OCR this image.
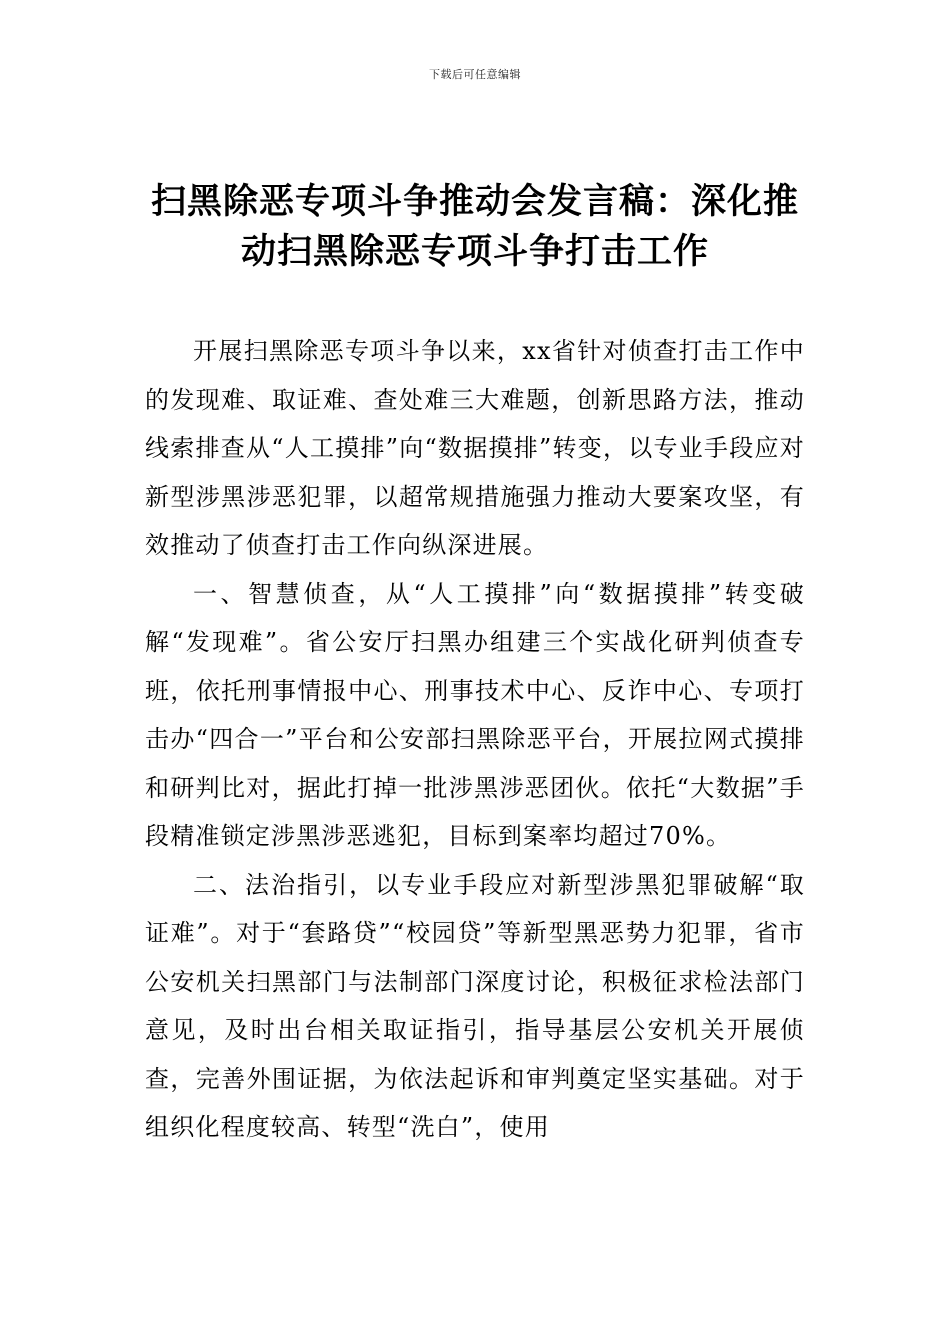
下载后可任意编辑
扫黑除恶专项斗争推动会发言稿：深化推
动扫黑除恶专项斗争打击工作

开展扫黑除恶专项斗争以来，xx省针对侦查打击工作中的发现难、取证难、查处难三大难题，创新思路方法，推动线索排查从“人工摸排”向“数据摸排”转变，以专业手段应对新型涉黑涉恶犯罪，以超常规措施强力推动大要案攻坚，有效推动了侦查打击工作向纵深进展。

一、智慧侦查，从“人工摸排”向“数据摸排”转变破解“发现难”。省公安厅扫黑办组建三个实战化研判侦查专班，依托刑事情报中心、刑事技术中心、反诈中心、专项打击办“四合一”平台和公安部扫黑除恶平台，开展拉网式摸排和研判比对，据此打掉一批涉黑涉恶团伙。依托“大数据”手段精准锁定涉黑涉恶逃犯，目标到案率均超过70%。

二、法治指引，以专业手段应对新型涉黑犯罪破解“取证难”。对于“套路贷”“校园贷”等新型黑恶势力犯罪，省市公安机关扫黑部门与法制部门深度讨论，积极征求检法部门意见，及时出台相关取证指引，指导基层公安机关开展侦查，完善外围证据，为依法起诉和审判奠定坚实基础。对于组织化程度较高、转型“洗白”，使用
